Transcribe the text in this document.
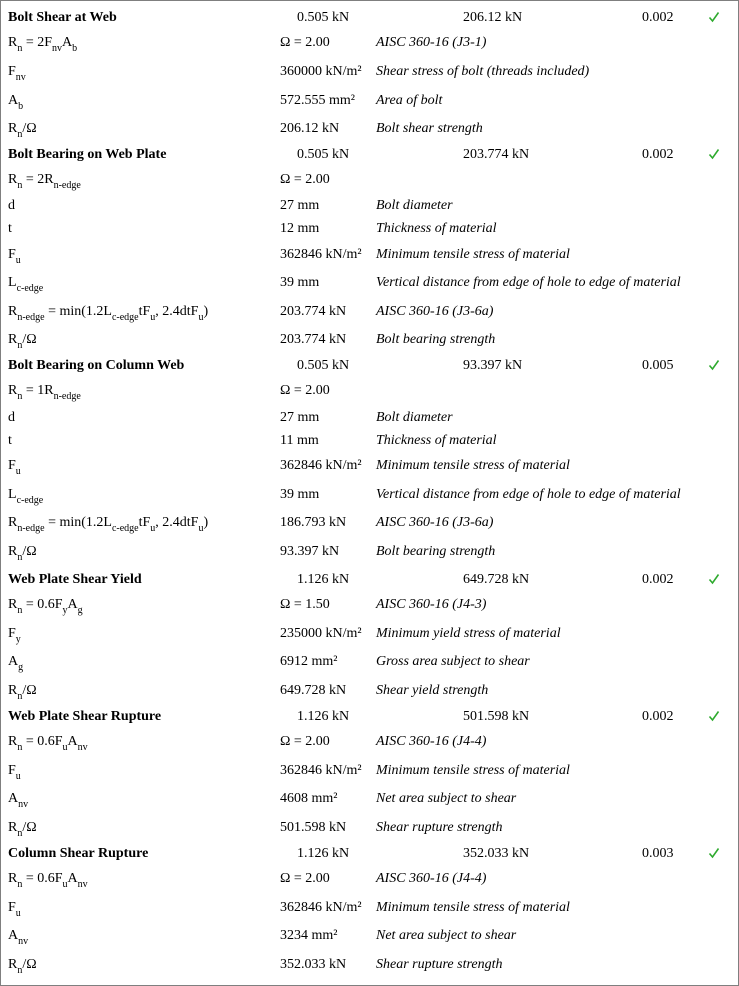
Bolt Shear at Web	0.505 kN	206.12 kN	0.002
$R_n = 2F_{nv}A_b$	Ω = 2.00	AISC 360-16 (J3-1)
$F_{nv}$	360000 kN/m² Shear stress of bolt (threads included)
$A_b$	572.555 mm² Area of bolt
$R_n/\Omega$	206.12 kN	Bolt shear strength
Bolt Bearing on Web Plate	0.505 kN	203.774 kN	0.002
$R_n = 2R_{n-edge}$	Ω = 2.00
d	27 mm	Bolt diameter
t	12 mm	Thickness of material
$F_u$	362846 kN/m² Minimum tensile stress of material
$L_{c-edge}$	39 mm	Vertical distance from edge of hole to edge of material
$R_{n-edge} = \min(1.2L_{c-edge}tF_u$, 2.4dtF$_u$)	203.774 kN AISC 360-16 (J3-6a)
$R_n/\Omega$	203.774 kN Bolt bearing strength
Bolt Bearing on Column Web	0.505 kN	93.397 kN	0.005
$R_n = 1R_{n-edge}$	Ω = 2.00
d	27 mm	Bolt diameter
t	11 mm	Thickness of material
$F_u$	362846 kN/m² Minimum tensile stress of material
$L_{c-edge}$	39 mm	Vertical distance from edge of hole to edge of material
$R_{n-edge} = \min(1.2L_{c-edge}tF_u$, 2.4dtF$_u$)	186.793 kN AISC 360-16 (J3-6a)
$R_n/\Omega$	93.397 kN	Bolt bearing strength
Web Plate Shear Yield	1.126 kN	649.728 kN	0.002
$R_n = 0.6F_yA_g$	Ω = 1.50	AISC 360-16 (J4-3)
$F_y$	235000 kN/m² Minimum yield stress of material
$A_g$	6912 mm²	Gross area subject to shear
$R_n/\Omega$	649.728 kN Shear yield strength
Web Plate Shear Rupture	1.126 kN	501.598 kN	0.002
$R_n = 0.6F_uA_{nv}$	Ω = 2.00	AISC 360-16 (J4-4)
$F_u$	362846 kN/m² Minimum tensile stress of material
$A_{nv}$	4608 mm²	Net area subject to shear
$R_n/\Omega$	501.598 kN Shear rupture strength
Column Shear Rupture	1.126 kN	352.033 kN	0.003
$R_n = 0.6F_uA_{nv}$	Ω = 2.00	AISC 360-16 (J4-4)
$F_u$	362846 kN/m² Minimum tensile stress of material
$A_{nv}$	3234 mm²	Net area subject to shear
$R_n/\Omega$	352.033 kN Shear rupture strength
